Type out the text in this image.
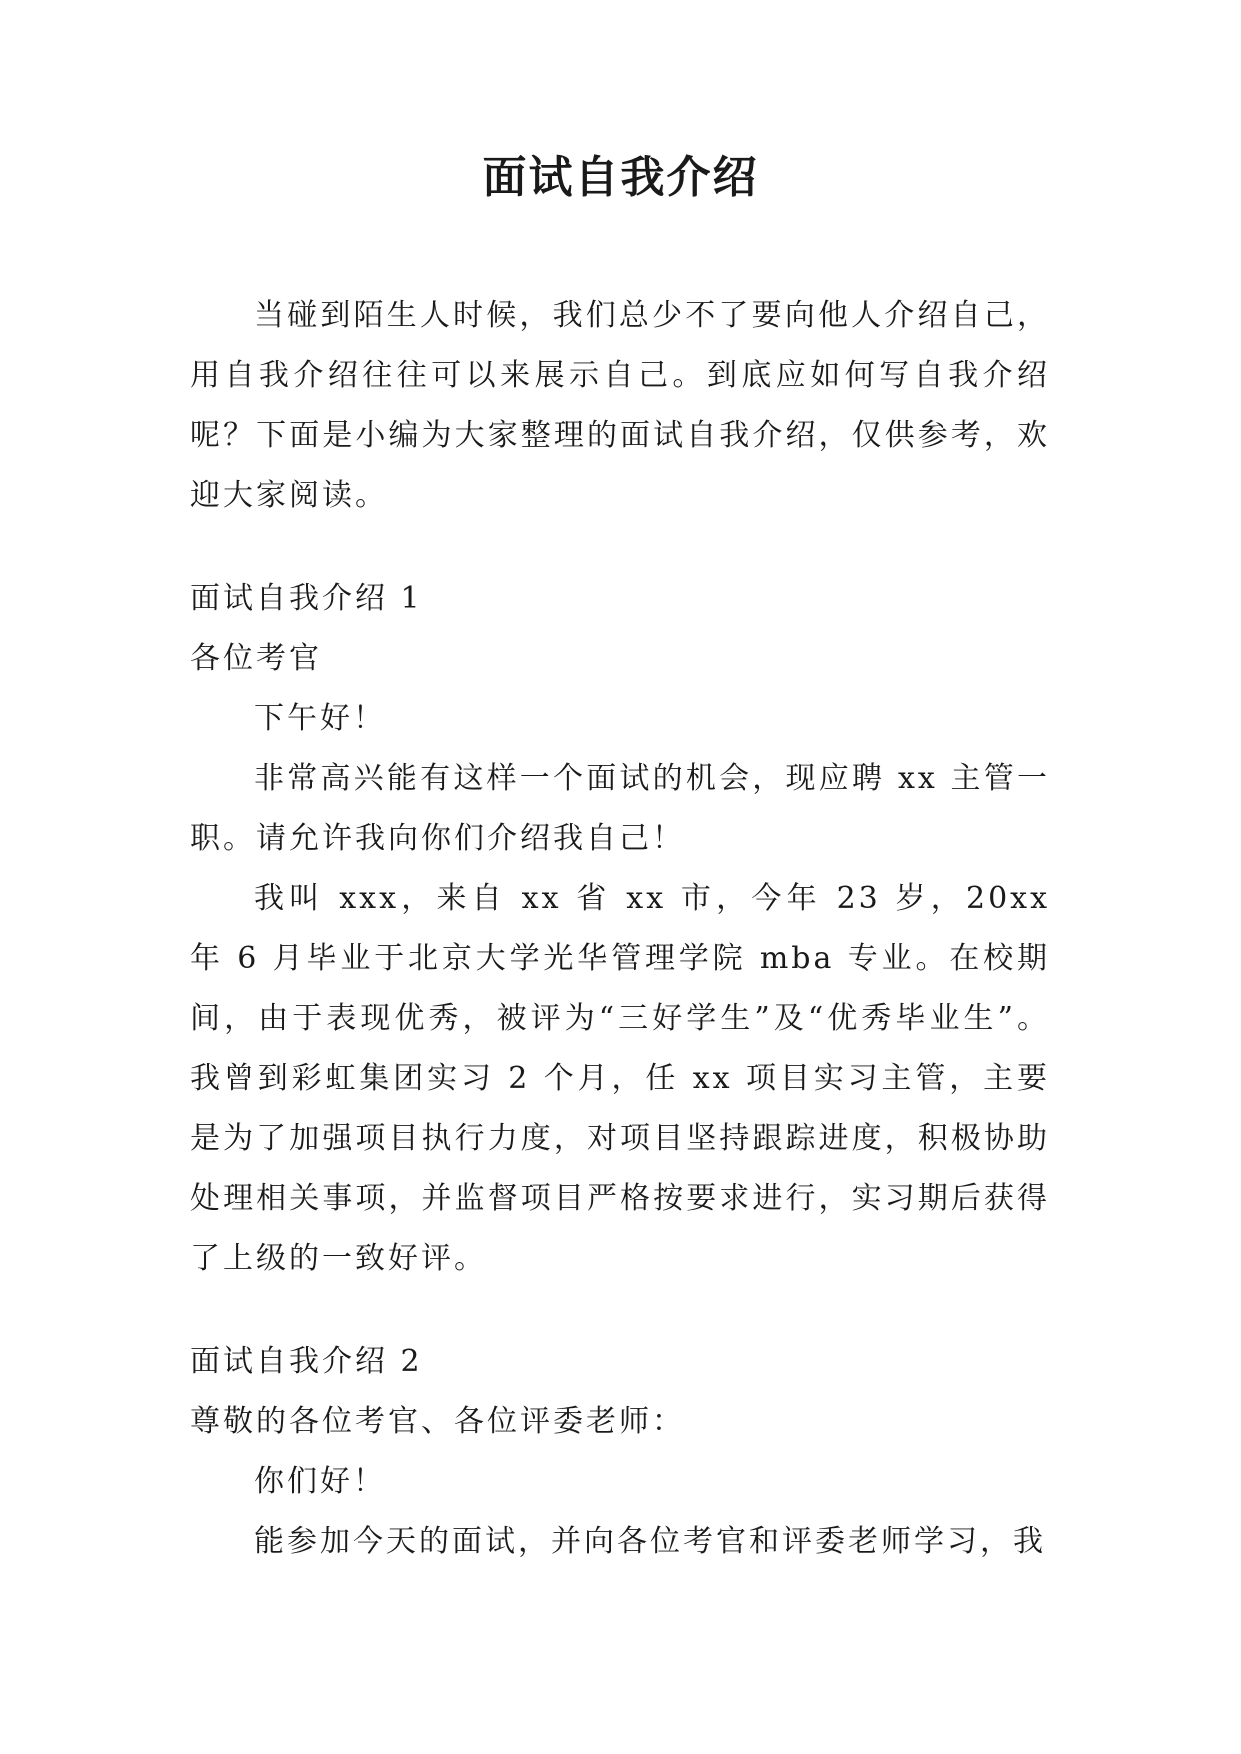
面试自我介绍

当碰到陌生人时候，我们总少不了要向他人介绍自己，用自我介绍往往可以来展示自己。到底应如何写自我介绍呢？下面是小编为大家整理的面试自我介绍，仅供参考，欢迎大家阅读。

面试自我介绍 1

各位考官

下午好！

非常高兴能有这样一个面试的机会，现应聘 xx 主管一职。请允许我向你们介绍我自己！

我叫 xxx，来自 xx 省 xx 市，今年 23 岁，20xx 年 6 月毕业于北京大学光华管理学院 mba 专业。在校期间，由于表现优秀，被评为“三好学生”及“优秀毕业生”。我曾到彩虹集团实习 2 个月，任 xx 项目实习主管，主要是为了加强项目执行力度，对项目坚持跟踪进度，积极协助处理相关事项，并监督项目严格按要求进行，实习期后获得了上级的一致好评。

面试自我介绍 2

尊敬的各位考官、各位评委老师：

你们好！

能参加今天的面试，并向各位考官和评委老师学习，我
